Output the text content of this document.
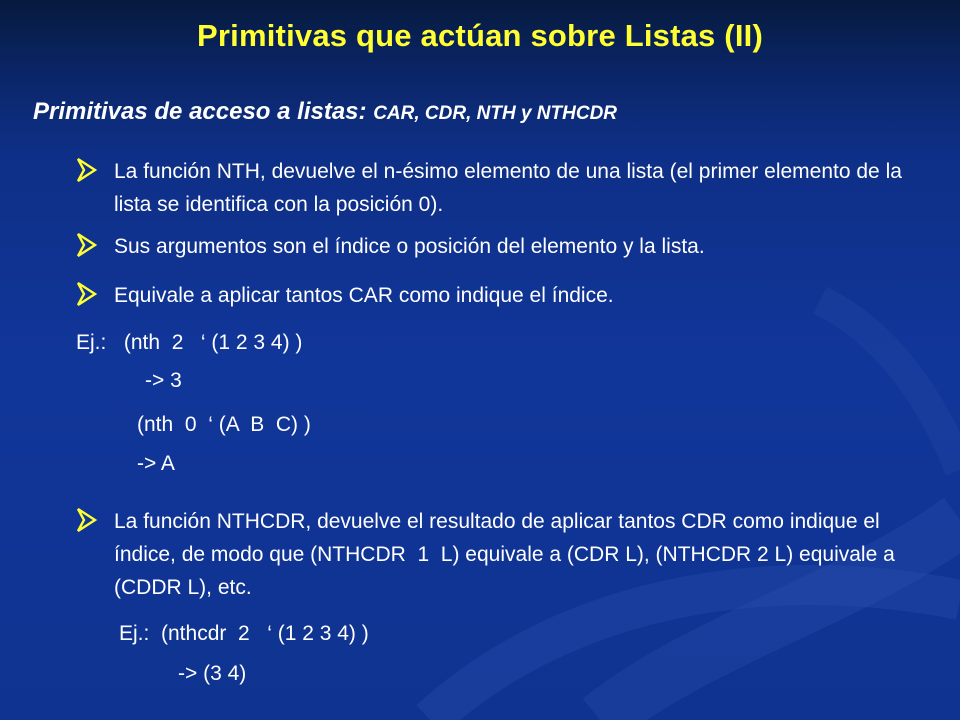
Primitivas que actúan sobre Listas (II)
Primitivas de acceso a listas: CAR, CDR, NTH y NTHCDR
La función NTH, devuelve el n-ésimo elemento de una lista (el primer elemento de la lista se identifica con la posición 0).
Sus argumentos son el índice o posición del elemento y la lista.
Equivale a aplicar tantos CAR como indique el índice.
Ej.:   (nth  2   ‘ (1 2 3 4) )
-> 3
(nth  0  ‘ (A  B  C) )
-> A
La función NTHCDR, devuelve el resultado de aplicar tantos CDR como indique el índice, de modo que (NTHCDR  1  L) equivale a (CDR L), (NTHCDR 2 L) equivale a (CDDR L), etc.
Ej.:  (nthcdr  2   ‘ (1 2 3 4) )
-> (3 4)
